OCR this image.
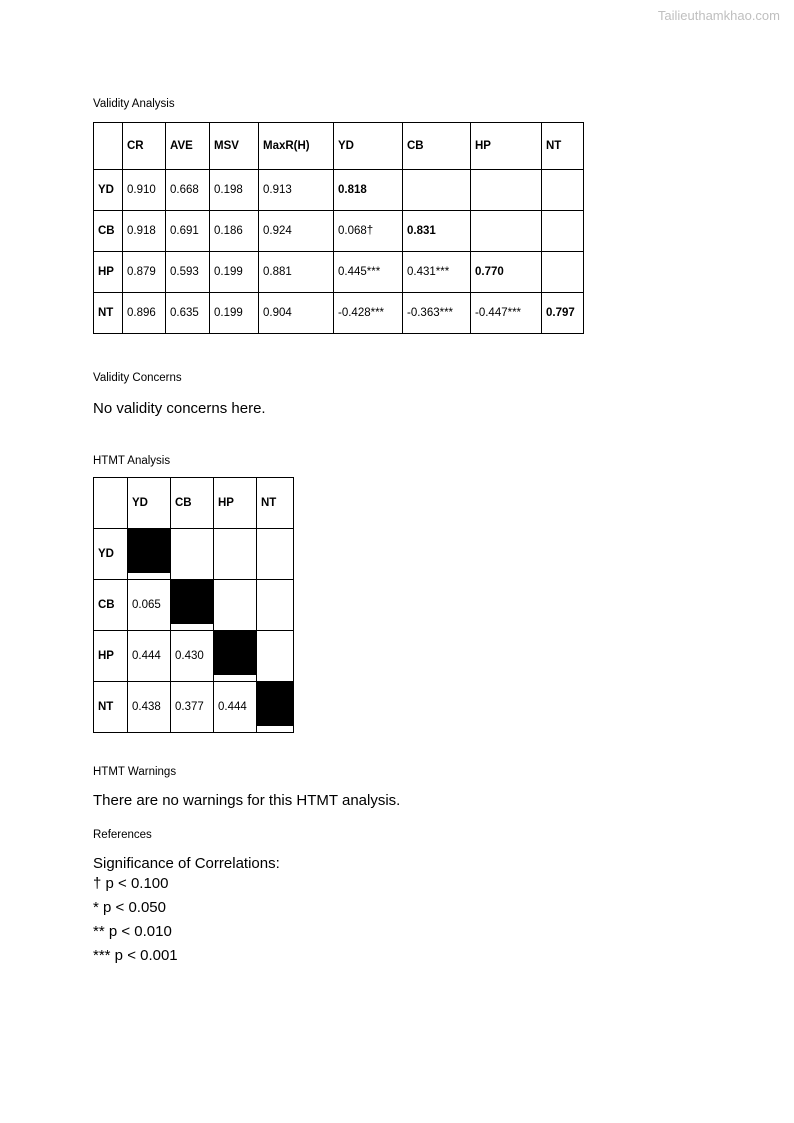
Tailieuthamkhao.com
Validity Analysis
	CR	AVE	MSV	MaxR(H)	YD	CB	HP	NT
YD	0.910	0.668	0.198	0.913	0.818			
CB	0.918	0.691	0.186	0.924	0.068†	0.831		
HP	0.879	0.593	0.199	0.881	0.445***	0.431***	0.770	
NT	0.896	0.635	0.199	0.904	-0.428***	-0.363***	-0.447***	0.797
Validity Concerns
No validity concerns here.
HTMT Analysis
	YD	CB	HP	NT
YD	

CB	0.065	

HP	0.444	0.430	

NT	0.438	0.377	0.444	
HTMT Warnings
There are no warnings for this HTMT analysis.
References
Significance of Correlations:
† p < 0.100
* p < 0.050
** p < 0.010
*** p < 0.001
